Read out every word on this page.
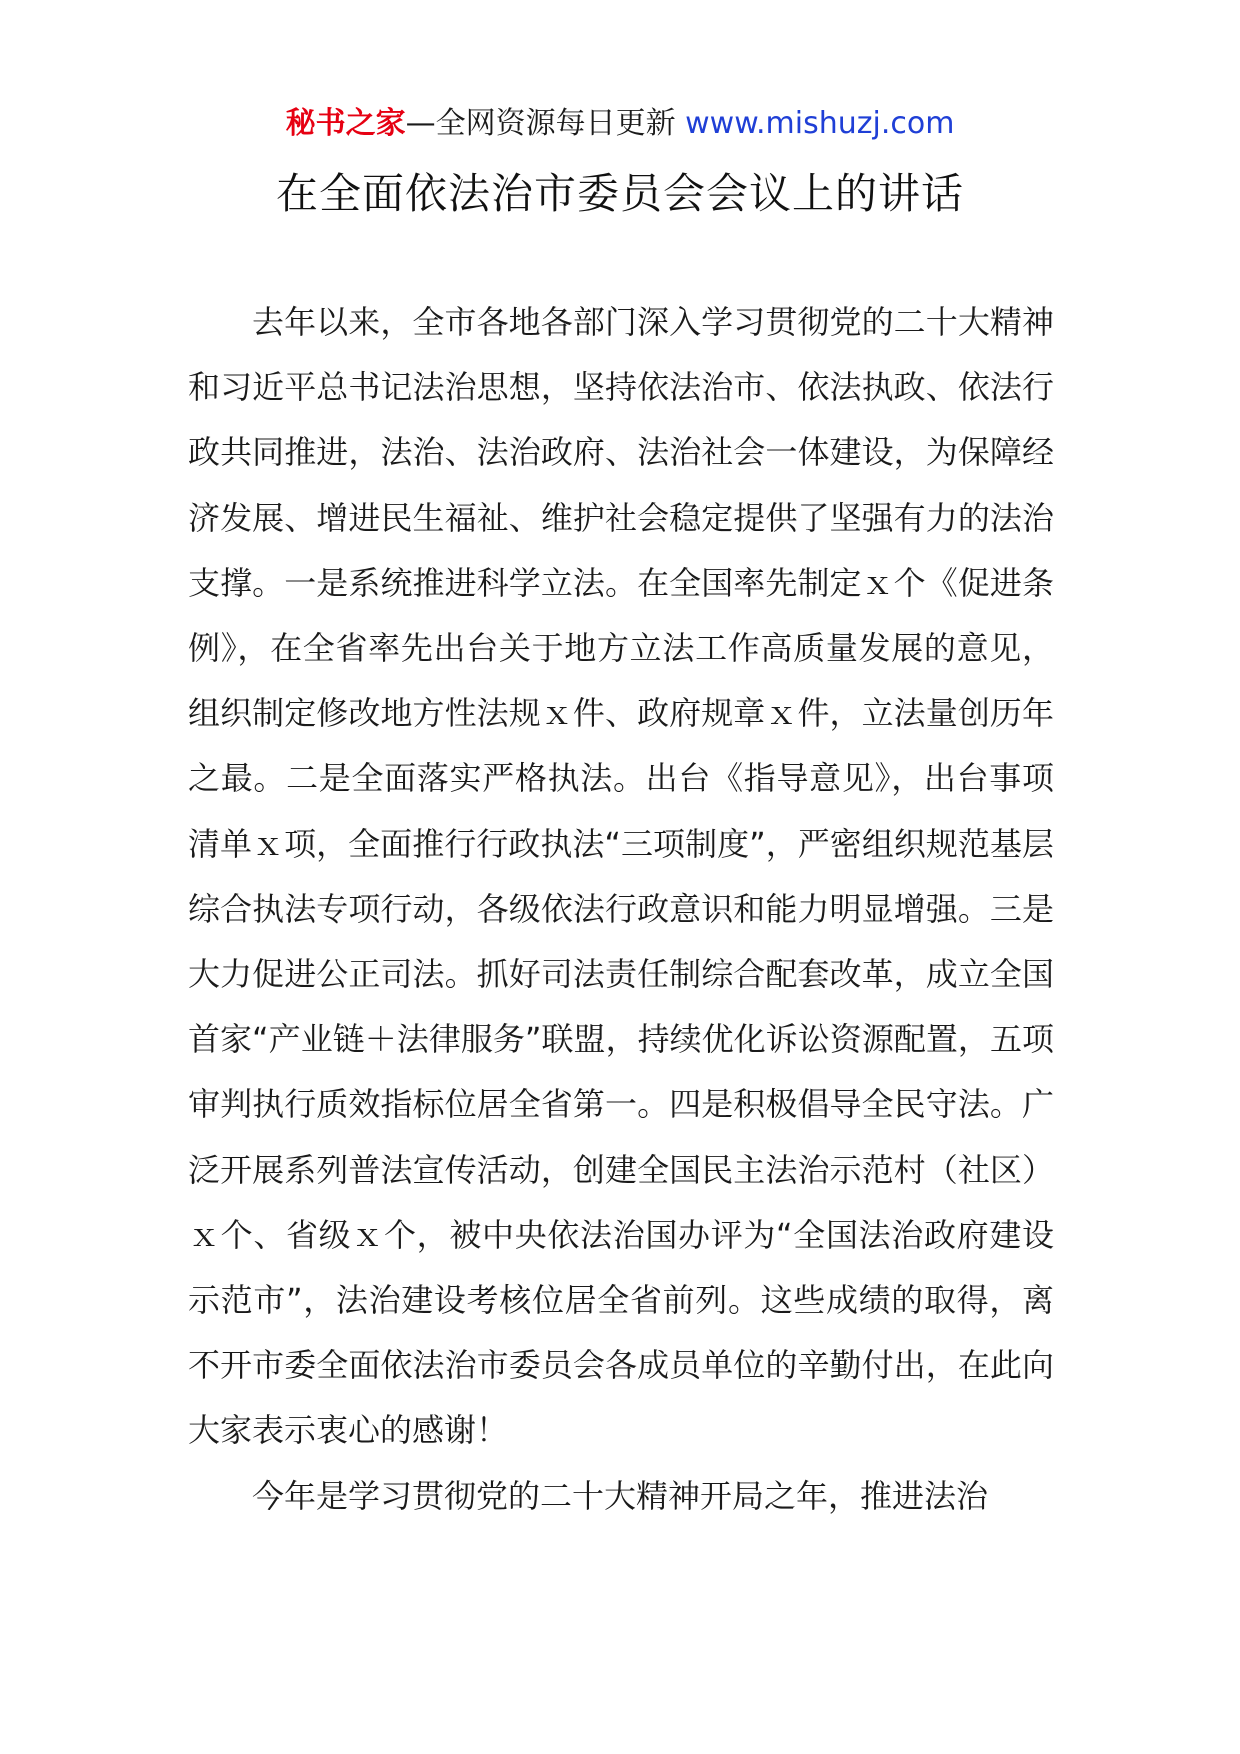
秘书之家—全网资源每日更新 www.mishuzj.com
在全面依法治市委员会会议上的讲话

去年以来，全市各地各部门深入学习贯彻党的二十大精神和习近平总书记法治思想，坚持依法治市、依法执政、依法行政共同推进，法治、法治政府、法治社会一体建设，为保障经济发展、增进民生福祉、维护社会稳定提供了坚强有力的法治支撑。一是系统推进科学立法。在全国率先制定ｘ个《促进条例》，在全省率先出台关于地方立法工作高质量发展的意见，组织制定修改地方性法规ｘ件、政府规章ｘ件，立法量创历年之最。二是全面落实严格执法。出台《指导意见》，出台事项清单ｘ项，全面推行行政执法“三项制度”，严密组织规范基层综合执法专项行动，各级依法行政意识和能力明显增强。三是大力促进公正司法。抓好司法责任制综合配套改革，成立全国首家“产业链＋法律服务”联盟，持续优化诉讼资源配置，五项审判执行质效指标位居全省第一。四是积极倡导全民守法。广泛开展系列普法宣传活动，创建全国民主法治示范村（社区）ｘ个、省级ｘ个，被中央依法治国办评为“全国法治政府建设示范市”，法治建设考核位居全省前列。这些成绩的取得，离不开市委全面依法治市委员会各成员单位的辛勤付出，在此向大家表示衷心的感谢！

今年是学习贯彻党的二十大精神开局之年，推进法治
